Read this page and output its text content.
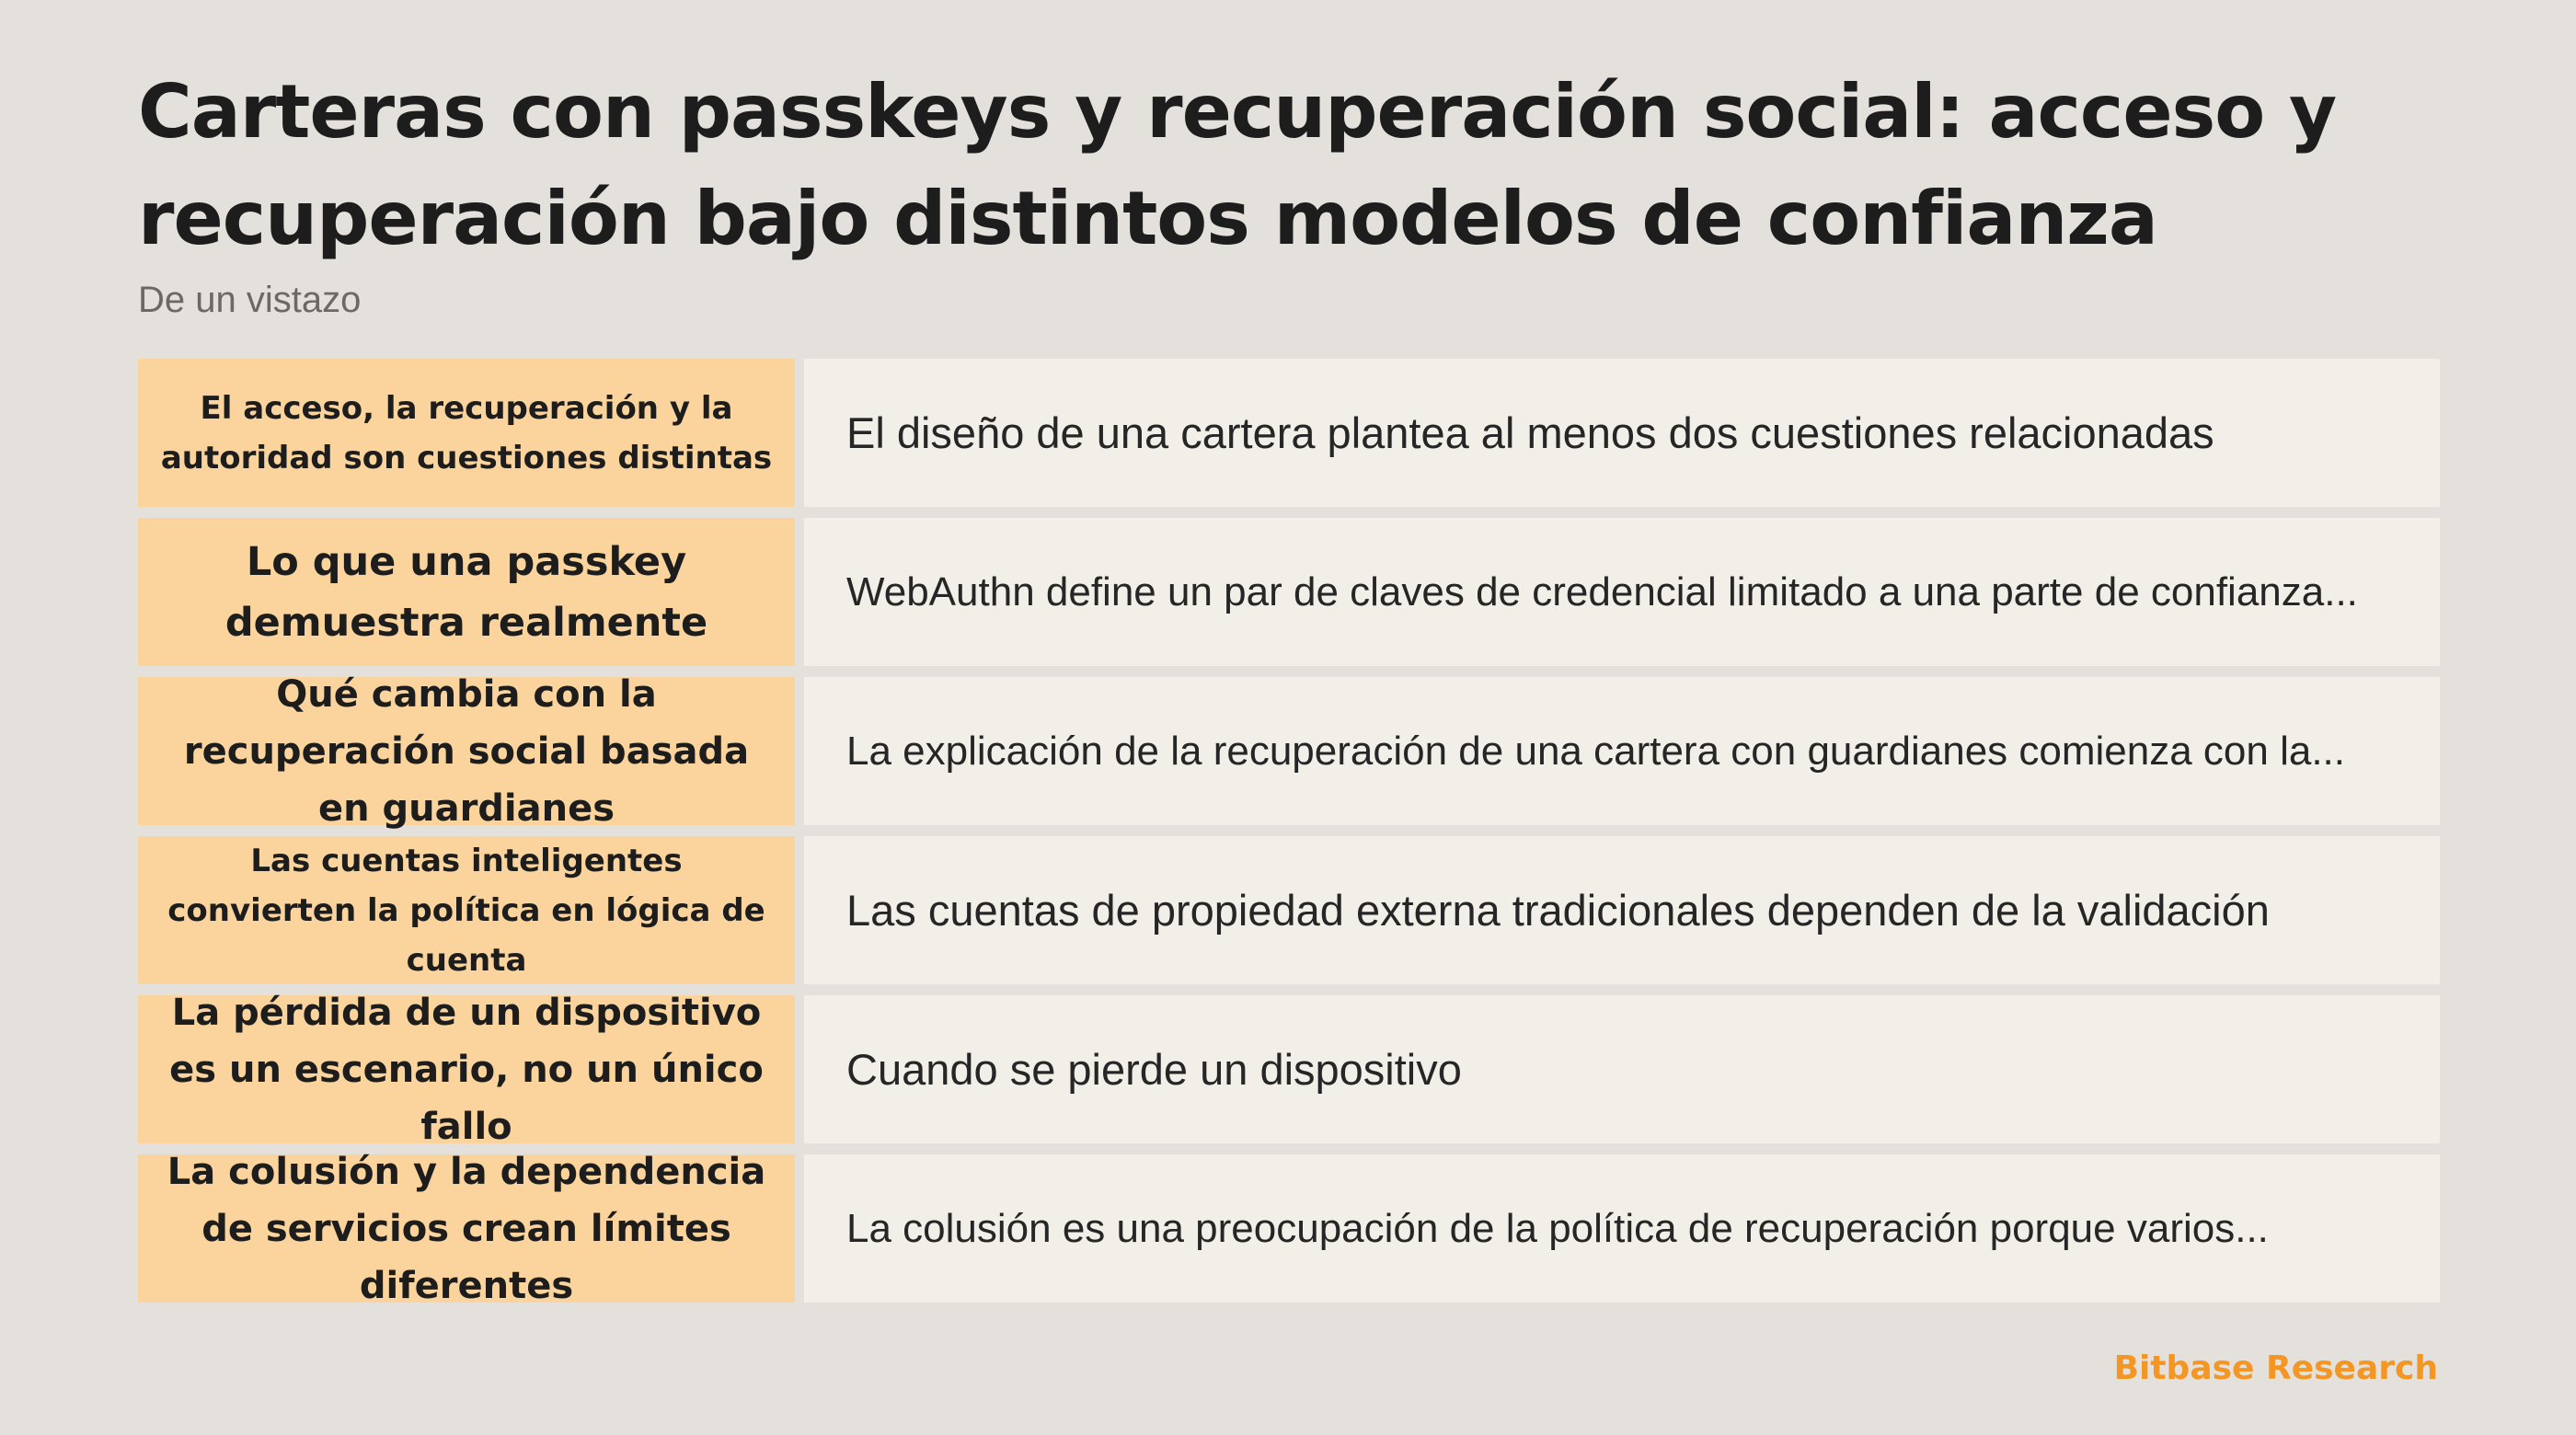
Carteras con passkeys y recuperación social: acceso y recuperación bajo distintos modelos de confianza
De un vistazo
El acceso, la recuperación y la autoridad son cuestiones distintas
El diseño de una cartera plantea al menos dos cuestiones relacionadas
Lo que una passkey demuestra realmente
WebAuthn define un par de claves de credencial limitado a una parte de confianza...
Qué cambia con la recuperación social basada en guardianes
La explicación de la recuperación de una cartera con guardianes comienza con la...
Las cuentas inteligentes convierten la política en lógica de cuenta
Las cuentas de propiedad externa tradicionales dependen de la validación
La pérdida de un dispositivo es un escenario, no un único fallo
Cuando se pierde un dispositivo
La colusión y la dependencia de servicios crean límites diferentes
La colusión es una preocupación de la política de recuperación porque varios...
Bitbase Research
